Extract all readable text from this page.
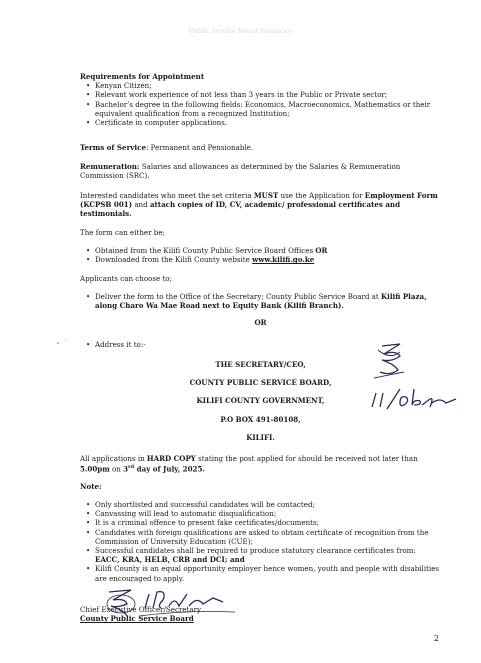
Public Service Board Vacancies
Requirements for Appointment
• Kenyan Citizen;
• Relevant work experience of not less than 3 years in the Public or Private sector;
• Bachelor’s degree in the following fields: Economics, Macroeconomics, Mathematics or their equivalent qualification from a recognized Institution;
• Certificate in computer applications.
Terms of Service: Permanent and Pensionable.
Remuneration: Salaries and allowances as determined by the Salaries & Remuneration Commission (SRC).
Interested candidates who meet the set criteria MUST use the Application for Employment Form (KCPSB 001) and attach copies of ID, CV, academic/ professional certificates and testimonials.
The form can either be;
• Obtained from the Kilifi County Public Service Board Offices OR
• Downloaded from the Kilifi County website www.kilifi.go.ke
Applicants can choose to;
• Deliver the form to the Office of the Secretary; County Public Service Board at Kilifi Plaza, along Charo Wa Mae Road next to Equity Bank (Kilifi Branch).
OR
• Address it to:-
THE SECRETARY/CEO,
COUNTY PUBLIC SERVICE BOARD,
KILIFI COUNTY GOVERNMENT,
P.O BOX 491-80108,
KILIFI.
All applications in HARD COPY stating the post applied for should be received not later than 5.00pm on 3rd day of July, 2025.
Note:
• Only shortlisted and successful candidates will be contacted;
• Canvassing will lead to automatic disqualification;
• It is a criminal offence to present fake certificates/documents;
• Candidates with foreign qualifications are asked to obtain certificate of recognition from the Commission of University Education (CUE);
• Successful candidates shall be required to produce statutory clearance certificates from: EACC, KRA, HELB, CRB and DCI; and
• Kilifi County is an equal opportunity employer hence women, youth and people with disabilities are encouraged to apply.
Chief Executive Officer/Secretary
County Public Service Board
2
